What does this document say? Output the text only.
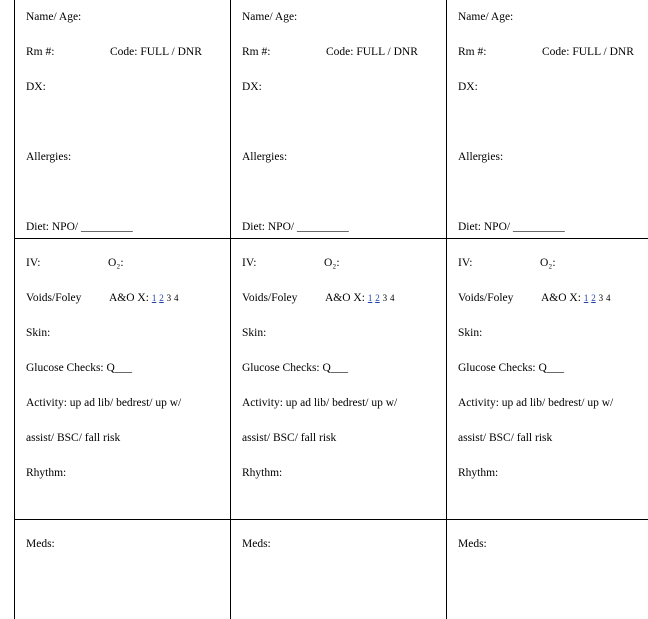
Name/ Age:
Rm #:	Code: FULL / DNR
DX:
Allergies:
Diet: NPO/ _________
IV:	O₂:
Voids/Foley A&O X: 1 2 3 4
Skin:
Glucose Checks: Q___
Activity: up ad lib/ bedrest/ up w/
assist/ BSC/ fall risk
Rhythm:
Meds:
Name/ Age:
Rm #:	Code: FULL / DNR
DX:
Allergies:
Diet: NPO/ _________
IV:	O₂:
Voids/Foley A&O X: 1 2 3 4
Skin:
Glucose Checks: Q___
Activity: up ad lib/ bedrest/ up w/
assist/ BSC/ fall risk
Rhythm:
Meds:
Name/ Age:
Rm #:	Code: FULL / DNR
DX:
Allergies:
Diet: NPO/ _________
IV:	O₂:
Voids/Foley A&O X: 1 2 3 4
Skin:
Glucose Checks: Q___
Activity: up ad lib/ bedrest/ up w/
assist/ BSC/ fall risk
Rhythm:
Meds:
